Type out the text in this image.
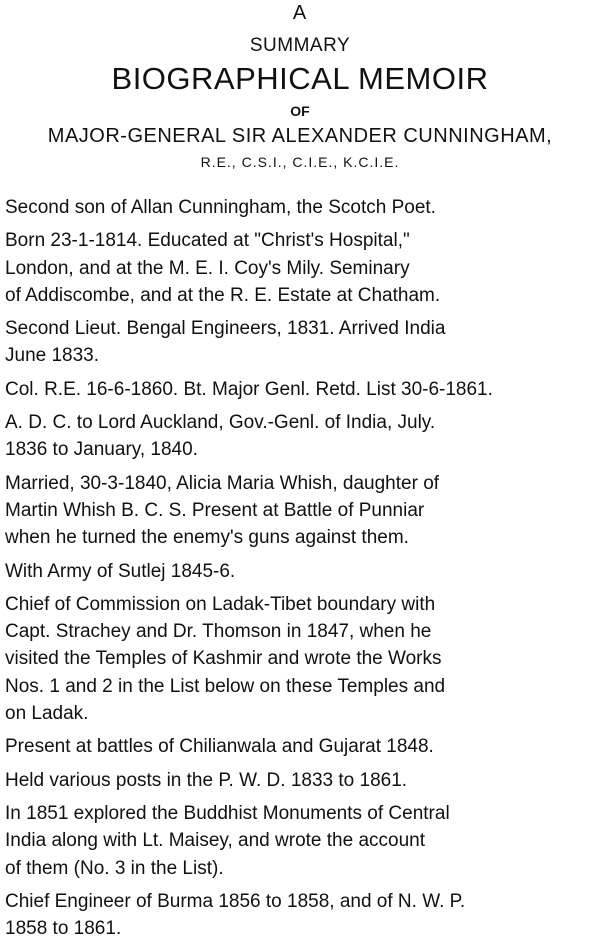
A
SUMMARY
BIOGRAPHICAL MEMOIR
OF
MAJOR-GENERAL SIR ALEXANDER CUNNINGHAM,
R.E., C.S.I., C.I.E., K.C.I.E.
Second son of Allan Cunningham, the Scotch Poet.
Born 23-1-1814. Educated at "Christ's Hospital,"
London, and at the M. E. I. Coy's Mily. Seminary
of Addiscombe, and at the R. E. Estate at Chatham.
Second Lieut. Bengal Engineers, 1831. Arrived India
June 1833.
Col. R.E. 16-6-1860. Bt. Major Genl. Retd. List 30-6-1861.
A. D. C. to Lord Auckland, Gov.-Genl. of India, July.
1836 to January, 1840.
Married, 30-3-1840, Alicia Maria Whish, daughter of
Martin Whish B. C. S. Present at Battle of Punniar
when he turned the enemy's guns against them.
With Army of Sutlej 1845-6.
Chief of Commission on Ladak-Tibet boundary with
Capt. Strachey and Dr. Thomson in 1847, when he
visited the Temples of Kashmir and wrote the Works
Nos. 1 and 2 in the List below on these Temples and
on Ladak.
Present at battles of Chilianwala and Gujarat 1848.
Held various posts in the P. W. D. 1833 to 1861.
In 1851 explored the Buddhist Monuments of Central
India along with Lt. Maisey, and wrote the account
of them (No. 3 in the List).
Chief Engineer of Burma 1856 to 1858, and of N. W. P.
1858 to 1861.
